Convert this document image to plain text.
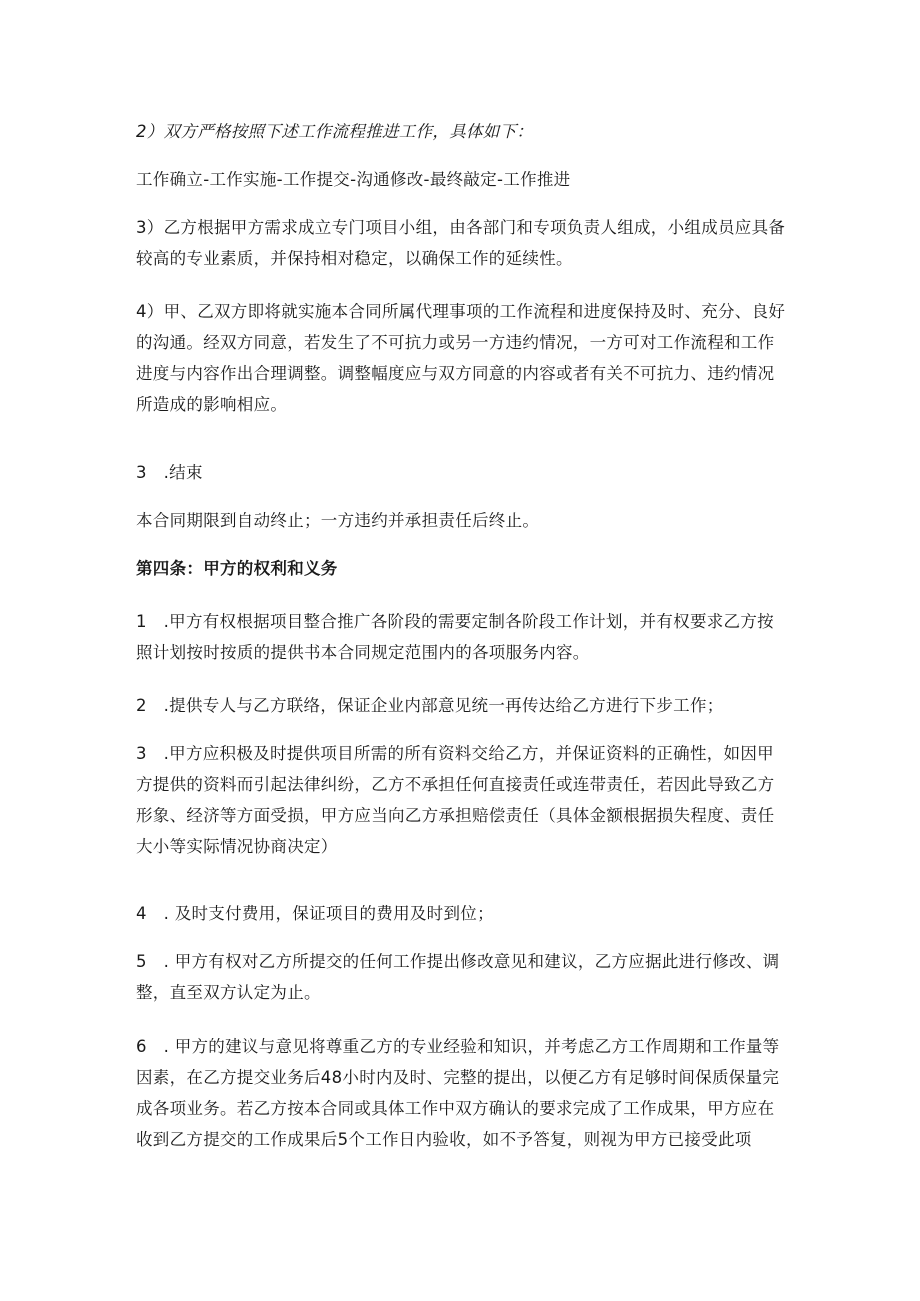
2）双方严格按照下述工作流程推进工作，具体如下：

工作确立-工作实施-工作提交-沟通修改-最终敲定-工作推进

3）乙方根据甲方需求成立专门项目小组，由各部门和专项负责人组成，小组成员应具备较高的专业素质，并保持相对稳定，以确保工作的延续性。

4）甲、乙双方即将就实施本合同所属代理事项的工作流程和进度保持及时、充分、良好的沟通。经双方同意，若发生了不可抗力或另一方违约情况，一方可对工作流程和工作进度与内容作出合理调整。调整幅度应与双方同意的内容或者有关不可抗力、违约情况所造成的影响相应。

3　.结束

本合同期限到自动终止；一方违约并承担责任后终止。

第四条：甲方的权利和义务

1　.甲方有权根据项目整合推广各阶段的需要定制各阶段工作计划，并有权要求乙方按照计划按时按质的提供书本合同规定范围内的各项服务内容。

2　.提供专人与乙方联络，保证企业内部意见统一再传达给乙方进行下步工作；

3　.甲方应积极及时提供项目所需的所有资料交给乙方，并保证资料的正确性，如因甲方提供的资料而引起法律纠纷，乙方不承担任何直接责任或连带责任，若因此导致乙方形象、经济等方面受损，甲方应当向乙方承担赔偿责任（具体金额根据损失程度、责任大小等实际情况协商决定）

4　. 及时支付费用，保证项目的费用及时到位；

5　. 甲方有权对乙方所提交的任何工作提出修改意见和建议，乙方应据此进行修改、调整，直至双方认定为止。

6　. 甲方的建议与意见将尊重乙方的专业经验和知识，并考虑乙方工作周期和工作量等因素，在乙方提交业务后48小时内及时、完整的提出，以便乙方有足够时间保质保量完成各项业务。若乙方按本合同或具体工作中双方确认的要求完成了工作成果，甲方应在收到乙方提交的工作成果后5个工作日内验收，如不予答复，则视为甲方已接受此项
